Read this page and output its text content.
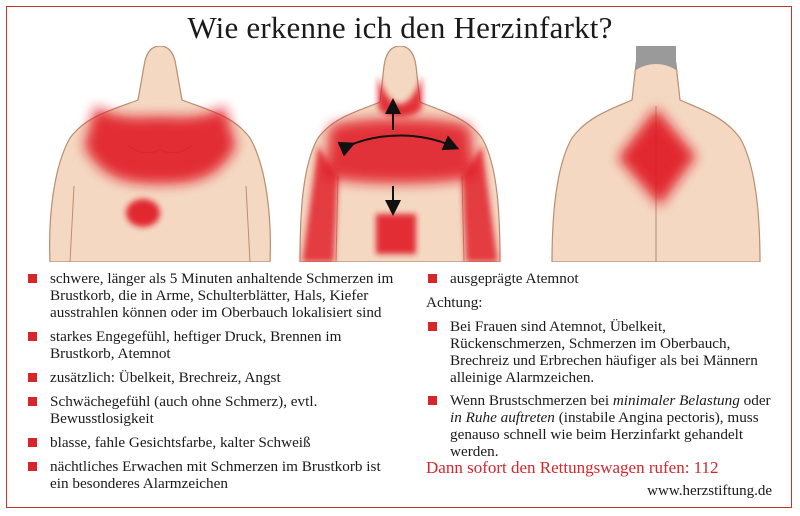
Wie erkenne ich den Herzinfarkt?
schwere, länger als 5 Minuten anhaltende Schmerzen im Brustkorb, die in Arme, Schulterblätter, Hals, Kiefer ausstrahlen können oder im Oberbauch lokalisiert sind
starkes Engegefühl, heftiger Druck, Brennen im Brustkorb, Atemnot
zusätzlich: Übelkeit, Brechreiz, Angst
Schwächegefühl (auch ohne Schmerz), evtl. Bewusstlosigkeit
blasse, fahle Gesichtsfarbe, kalter Schweiß
nächtliches Erwachen mit Schmerzen im Brustkorb ist ein besonderes Alarmzeichen
ausgeprägte Atemnot
Achtung:
Bei Frauen sind Atemnot, Übelkeit, Rückenschmerzen, Schmerzen im Oberbauch, Brechreiz und Erbrechen häufiger als bei Männern alleinige Alarmzeichen.
Wenn Brustschmerzen bei minimaler Belastung oder in Ruhe auftreten (instabile Angina pectoris), muss genauso schnell wie beim Herzinfarkt gehandelt werden.
Dann sofort den Rettungswagen rufen: 112
www.herzstiftung.de
